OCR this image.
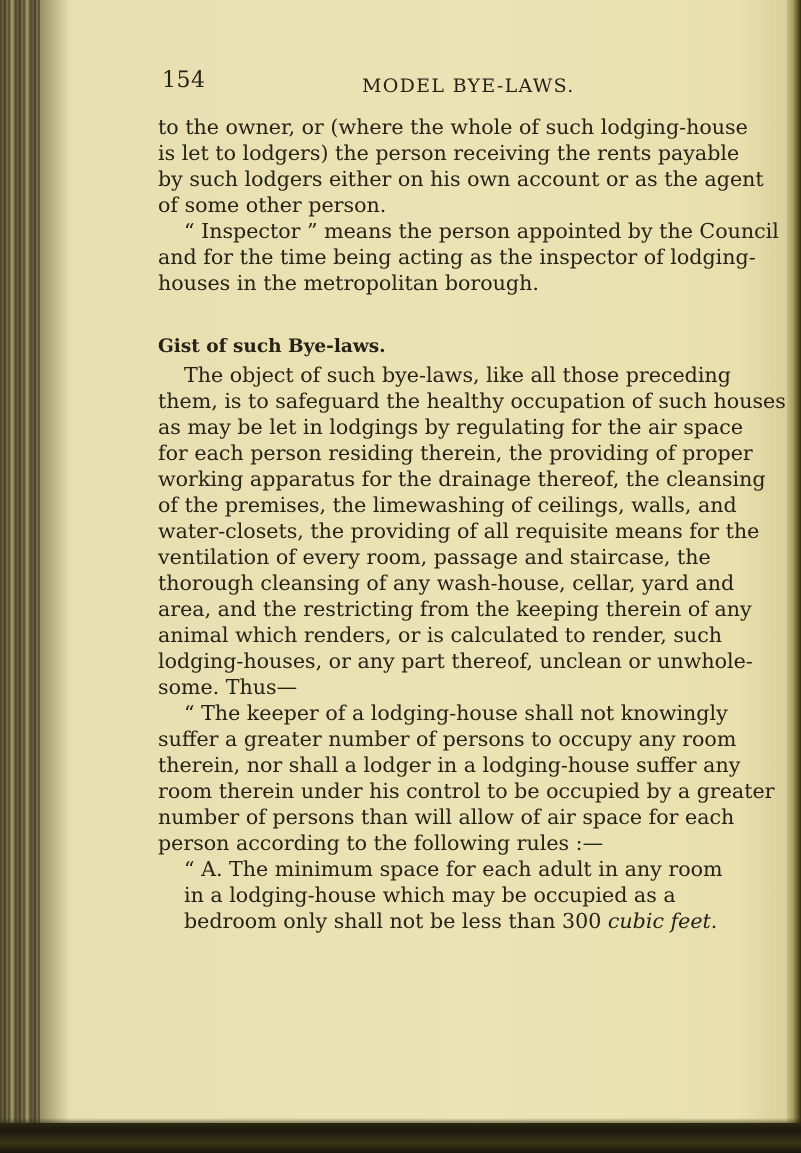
154	MODEL BYE-LAWS.
to the owner, or (where the whole of such lodging-house
is let to lodgers) the person receiving the rents payable
by such lodgers either on his own account or as the agent
of some other person.
“ Inspector ” means the person appointed by the Council
and for the time being acting as the inspector of lodging-
houses in the metropolitan borough.
Gist of such Bye-laws.
The object of such bye-laws, like all those preceding
them, is to safeguard the healthy occupation of such houses
as may be let in lodgings by regulating for the air space
for each person residing therein, the providing of proper
working apparatus for the drainage thereof, the cleansing
of the premises, the limewashing of ceilings, walls, and
water-closets, the providing of all requisite means for the
ventilation of every room, passage and staircase, the
thorough cleansing of any wash-house, cellar, yard and
area, and the restricting from the keeping therein of any
animal which renders, or is calculated to render, such
lodging-houses, or any part thereof, unclean or unwhole-
some. Thus—
“ The keeper of a lodging-house shall not knowingly
suffer a greater number of persons to occupy any room
therein, nor shall a lodger in a lodging-house suffer any
room therein under his control to be occupied by a greater
number of persons than will allow of air space for each
person according to the following rules :—
“ A. The minimum space for each adult in any room
in a lodging-house which may be occupied as a
bedroom only shall not be less than 300 cubic feet.
